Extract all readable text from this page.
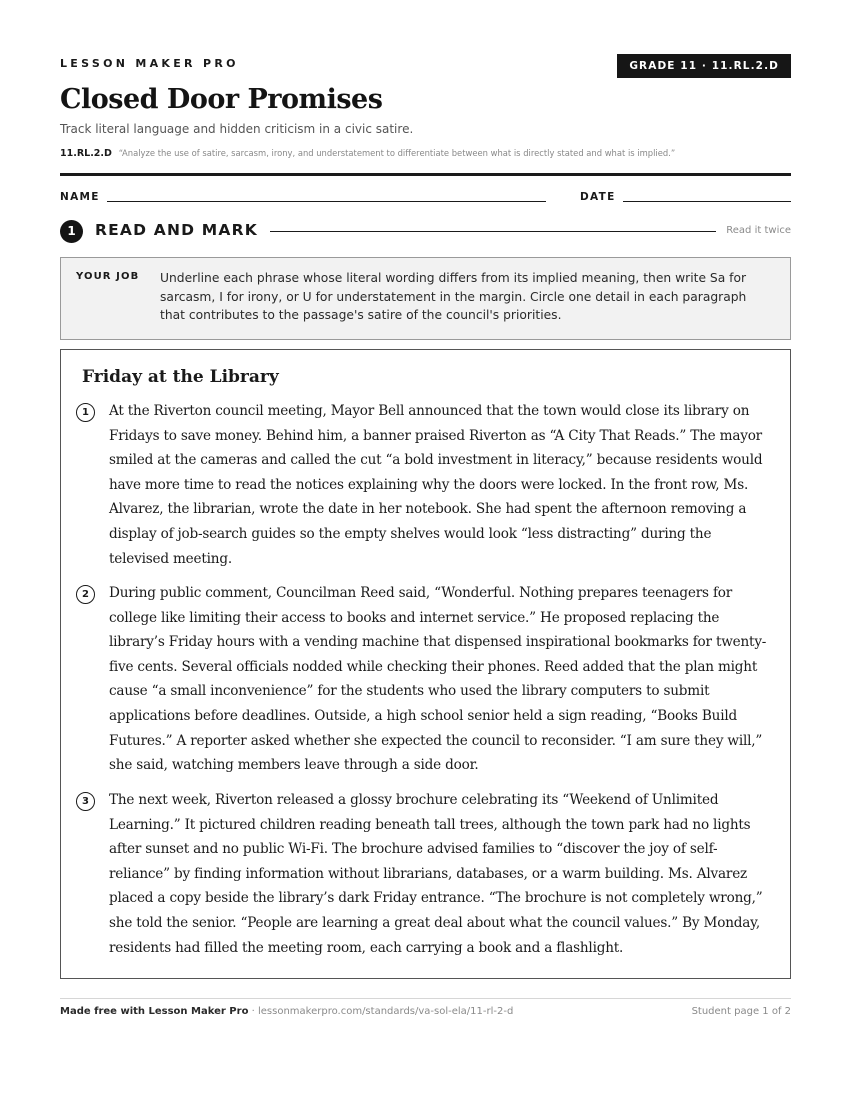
LESSON MAKER PRO	GRADE 11 · 11.RL.2.D
Closed Door Promises
Track literal language and hidden criticism in a civic satire.
11.RL.2.D “Analyze the use of satire, sarcasm, irony, and understatement to differentiate between what is directly stated and what is implied.”
NAME	DATE
1	READ AND MARK	Read it twice
YOUR JOB Underline each phrase whose literal wording differs from its implied meaning, then write Sa for sarcasm, I for irony, or U for understatement in the margin. Circle one detail in each paragraph that contributes to the passage's satire of the council's priorities.
Friday at the Library
1	At the Riverton council meeting, Mayor Bell announced that the town would close its library on Fridays to save money. Behind him, a banner praised Riverton as “A City That Reads.” The mayor smiled at the cameras and called the cut “a bold investment in literacy,” because residents would have more time to read the notices explaining why the doors were locked. In the front row, Ms. Alvarez, the librarian, wrote the date in her notebook. She had spent the afternoon removing a display of job-search guides so the empty shelves would look “less distracting” during the televised meeting.
2	During public comment, Councilman Reed said, “Wonderful. Nothing prepares teenagers for college like limiting their access to books and internet service.” He proposed replacing the library’s Friday hours with a vending machine that dispensed inspirational bookmarks for twenty-five cents. Several officials nodded while checking their phones. Reed added that the plan might cause “a small inconvenience” for the students who used the library computers to submit applications before deadlines. Outside, a high school senior held a sign reading, “Books Build Futures.” A reporter asked whether she expected the council to reconsider. “I am sure they will,” she said, watching members leave through a side door.
3	The next week, Riverton released a glossy brochure celebrating its “Weekend of Unlimited Learning.” It pictured children reading beneath tall trees, although the town park had no lights after sunset and no public Wi-Fi. The brochure advised families to “discover the joy of self-reliance” by finding information without librarians, databases, or a warm building. Ms. Alvarez placed a copy beside the library’s dark Friday entrance. “The brochure is not completely wrong,” she told the senior. “People are learning a great deal about what the council values.” By Monday, residents had filled the meeting room, each carrying a book and a flashlight.
Made free with Lesson Maker Pro · lessonmakerpro.com/standards/va-sol-ela/11-rl-2-d	Student page 1 of 2
